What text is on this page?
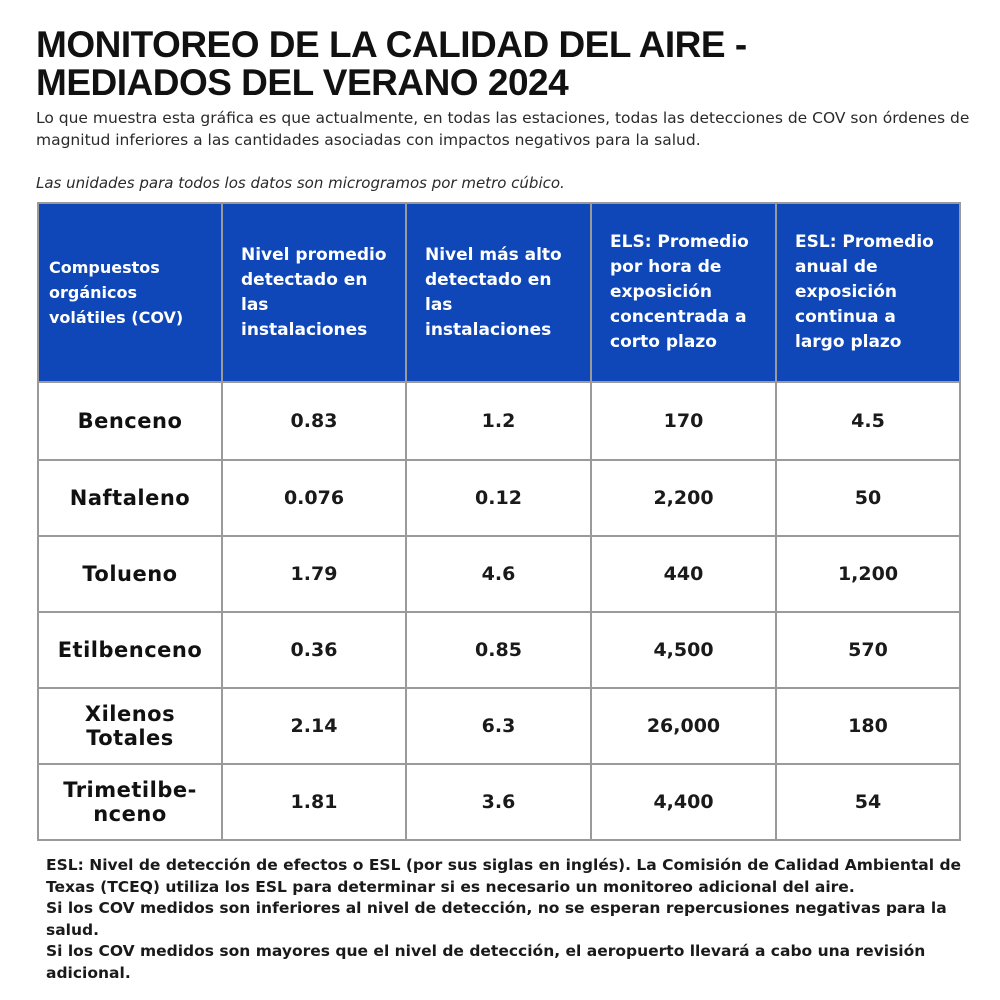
MONITOREO DE LA CALIDAD DEL AIRE -
MEDIADOS DEL VERANO 2024
Lo que muestra esta gráfica es que actualmente, en todas las estaciones, todas las detecciones de COV son órdenes de magnitud inferiores a las cantidades asociadas con impactos negativos para la salud.
Las unidades para todos los datos son microgramos por metro cúbico.
Compuestos orgánicos volátiles (COV)	Nivel promedio detectado en las instalaciones	Nivel más alto detectado en las instalaciones	ELS: Promedio por hora de exposición concentrada a corto plazo	ESL: Promedio anual de exposición continua a largo plazo
Benceno	0.83	1.2	170	4.5
Naftaleno	0.076	0.12	2,200	50
Tolueno	1.79	4.6	440	1,200
Etilbenceno	0.36	0.85	4,500	570
Xilenos Totales	2.14	6.3	26,000	180
Trimetilbe-nceno	1.81	3.6	4,400	54

ESL: Nivel de detección de efectos o ESL (por sus siglas en inglés). La Comisión de Calidad Ambiental de Texas (TCEQ) utiliza los ESL para determinar si es necesario un monitoreo adicional del aire.

Si los COV medidos son inferiores al nivel de detección, no se esperan repercusiones negativas para la salud.

Si los COV medidos son mayores que el nivel de detección, el aeropuerto llevará a cabo una revisión adicional.
